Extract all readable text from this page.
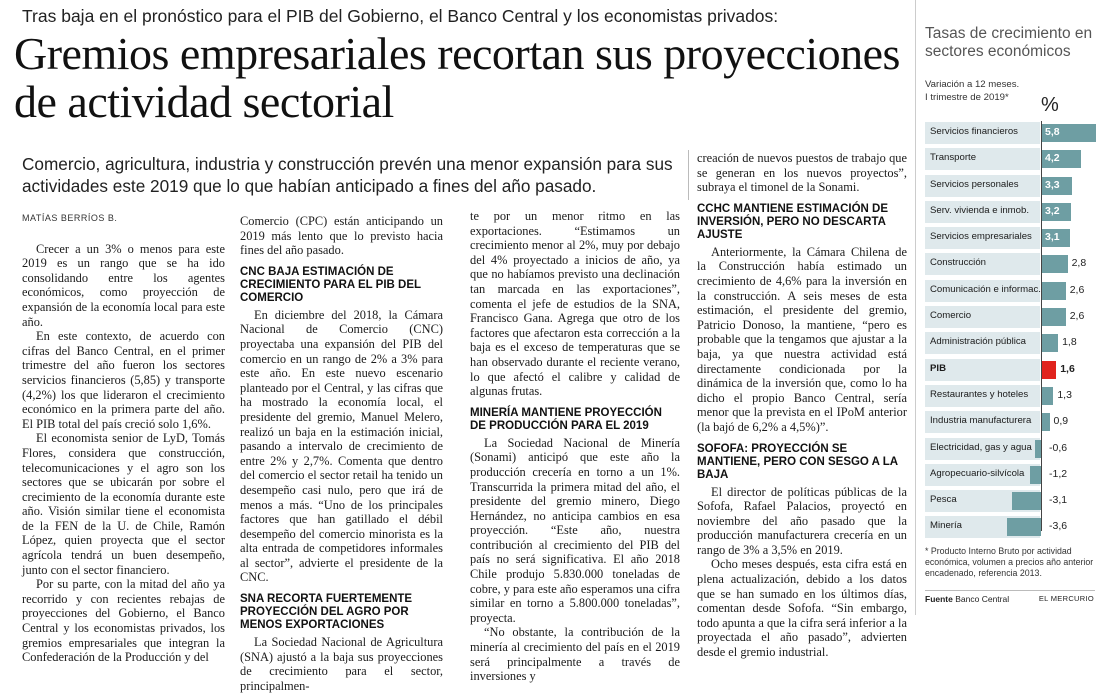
Tras baja en el pronóstico para el PIB del Gobierno, el Banco Central y los economistas privados:
Gremios empresariales recortan sus proyecciones de actividad sectorial
Comercio, agricultura, industria y construcción prevén una menor expansión para sus actividades este 2019 que lo que habían anticipado a fines del año pasado.
MATÍAS BERRÍOS B.

Crecer a un 3% o menos para este 2019 es un rango que se ha ido consolidando entre los agentes económicos, como proyección de expansión de la economía local para este año.

En este contexto, de acuerdo con cifras del Banco Central, en el primer trimestre del año fueron los sectores servicios financieros (5,85) y transporte (4,2%) los que lideraron el crecimiento económico en la primera parte del año. El PIB total del país creció solo 1,6%.

El economista senior de LyD, Tomás Flores, considera que construcción, telecomunicaciones y el agro son los sectores que se ubicarán por sobre el crecimiento de la economía durante este año. Visión similar tiene el economista de la FEN de la U. de Chile, Ramón López, quien proyecta que el sector agrícola tendrá un buen desempeño, junto con el sector financiero.

Por su parte, con la mitad del año ya recorrido y con recientes rebajas de proyecciones del Gobierno, el Banco Central y los economistas privados, los gremios empresariales que integran la Confederación de la Producción y del

Comercio (CPC) están anticipando un 2019 más lento que lo previsto hacia fines del año pasado.

CNC BAJA ESTIMACIÓN DE CRECIMIENTO PARA EL PIB DEL COMERCIO

En diciembre del 2018, la Cámara Nacional de Comercio (CNC) proyectaba una expansión del PIB del comercio en un rango de 2% a 3% para este año. En este nuevo escenario planteado por el Central, y las cifras que ha mostrado la economía local, el presidente del gremio, Manuel Melero, realizó un baja en la estimación inicial, pasando a intervalo de crecimiento de entre 2% y 2,7%. Comenta que dentro del comercio el sector retail ha tenido un desempeño casi nulo, pero que irá de menos a más. “Uno de los principales factores que han gatillado el débil desempeño del comercio minorista es la alta entrada de competidores informales al sector”, advierte el presidente de la CNC.

SNA RECORTA FUERTEMENTE PROYECCIÓN DEL AGRO POR MENOS EXPORTACIONES

La Sociedad Nacional de Agricultura (SNA) ajustó a la baja sus proyecciones de crecimiento para el sector, principalmen-

te por un menor ritmo en las exportaciones. “Estimamos un crecimiento menor al 2%, muy por debajo del 4% proyectado a inicios de año, ya que no habíamos previsto una declinación tan marcada en las exportaciones”, comenta el jefe de estudios de la SNA, Francisco Gana. Agrega que otro de los factores que afectaron esta corrección a la baja es el exceso de temperaturas que se han observado durante el reciente verano, lo que afectó el calibre y calidad de algunas frutas.

MINERÍA MANTIENE PROYECCIÓN DE PRODUCCIÓN PARA EL 2019

La Sociedad Nacional de Minería (Sonami) anticipó que este año la producción crecería en torno a un 1%. Transcurrida la primera mitad del año, el presidente del gremio minero, Diego Hernández, no anticipa cambios en esa proyección. “Este año, nuestra contribución al crecimiento del PIB del país no será significativa. El año 2018 Chile produjo 5.830.000 toneladas de cobre, y para este año esperamos una cifra similar en torno a 5.800.000 toneladas”, proyecta.

“No obstante, la contribución de la minería al crecimiento del país en el 2019 será principalmente a través de inversiones y

creación de nuevos puestos de trabajo que se generan en los nuevos proyectos”, subraya el timonel de la Sonami.

CCHC MANTIENE ESTIMACIÓN DE INVERSIÓN, PERO NO DESCARTA AJUSTE

Anteriormente, la Cámara Chilena de la Construcción había estimado un crecimiento de 4,6% para la inversión en la construcción. A seis meses de esta estimación, el presidente del gremio, Patricio Donoso, la mantiene, “pero es probable que la tengamos que ajustar a la baja, ya que nuestra actividad está directamente condicionada por la dinámica de la inversión que, como lo ha dicho el propio Banco Central, sería menor que la prevista en el IPoM anterior (la bajó de 6,2% a 4,5%)”.

SOFOFA: PROYECCIÓN SE MANTIENE, PERO CON SESGO A LA BAJA

El director de políticas públicas de la Sofofa, Rafael Palacios, proyectó en noviembre del año pasado que la producción manufacturera crecería en un rango de 3% a 3,5% en 2019.

Ocho meses después, esta cifra está en plena actualización, debido a los datos que se han sumado en los últimos días, comentan desde Sofofa. “Sin embargo, todo apunta a que la cifra será inferior a la proyectada el año pasado”, advierten desde el gremio industrial.

Tasas de crecimiento en sectores económicos
Variación a 12 meses.
I trimestre de 2019*	%
Servicios financieros	5,8
Transporte	4,2
Servicios personales	3,3
Serv. vivienda e inmob. 3,2
Servicios empresariales 3,1
Construcción	2,8
Comunicación e informac.	2,6
Comercio	2,6
Administración pública	1,8
PIB	1,6
Restaurantes y hoteles	1,3
Industria manufacturera 0,9
Electricidad, gas y agua -0,6
Agropecuario-silvícola -1,2
Pesca	-3,1
Minería	-3,6
* Producto Interno Bruto por actividad económica, volumen a precios año anterior encadenado, referencia 2013.
Fuente Banco Central	EL MERCURIO
